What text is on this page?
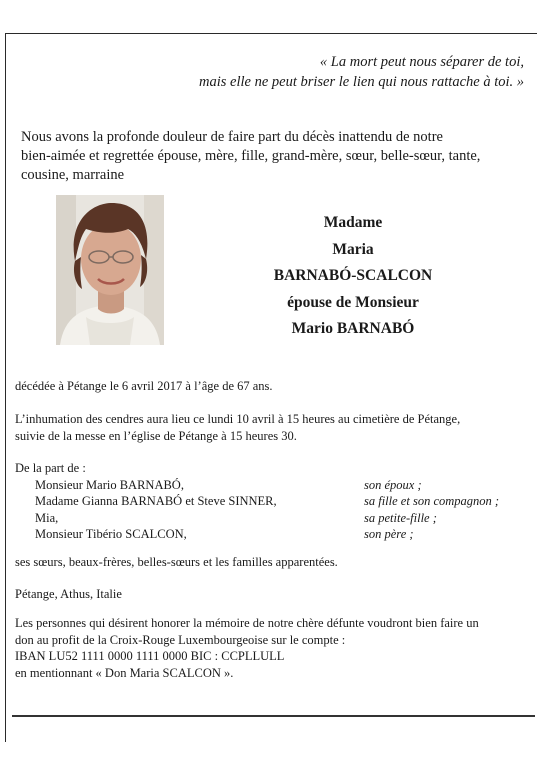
« La mort peut nous séparer de toi,
mais elle ne peut briser le lien qui nous rattache à toi. »
Nous avons la profonde douleur de faire part du décès inattendu de notre
bien-aimée et regrettée épouse, mère, fille, grand-mère, sœur, belle-sœur, tante,
cousine, marraine
Madame
Maria
BARNABÓ-SCALCON
épouse de Monsieur
Mario BARNABÓ
décédée à Pétange le 6 avril 2017 à l’âge de 67 ans.
L’inhumation des cendres aura lieu ce lundi 10 avril à 15 heures au cimetière de Pétange,
suivie de la messe en l’église de Pétange à 15 heures 30.
De la part de :
Monsieur Mario BARNABÓ,	son époux ;
Madame Gianna BARNABÓ et Steve SINNER,	sa fille et son compagnon ;
Mia,	sa petite-fille ;
Monsieur Tibério SCALCON,	son père ;
ses sœurs, beaux-frères, belles-sœurs et les familles apparentées.
Pétange, Athus, Italie
Les personnes qui désirent honorer la mémoire de notre chère défunte voudront bien faire un
don au profit de la Croix-Rouge Luxembourgeoise sur le compte :
IBAN LU52 1111 0000 1111 0000 BIC : CCPLLULL
en mentionnant « Don Maria SCALCON ».
